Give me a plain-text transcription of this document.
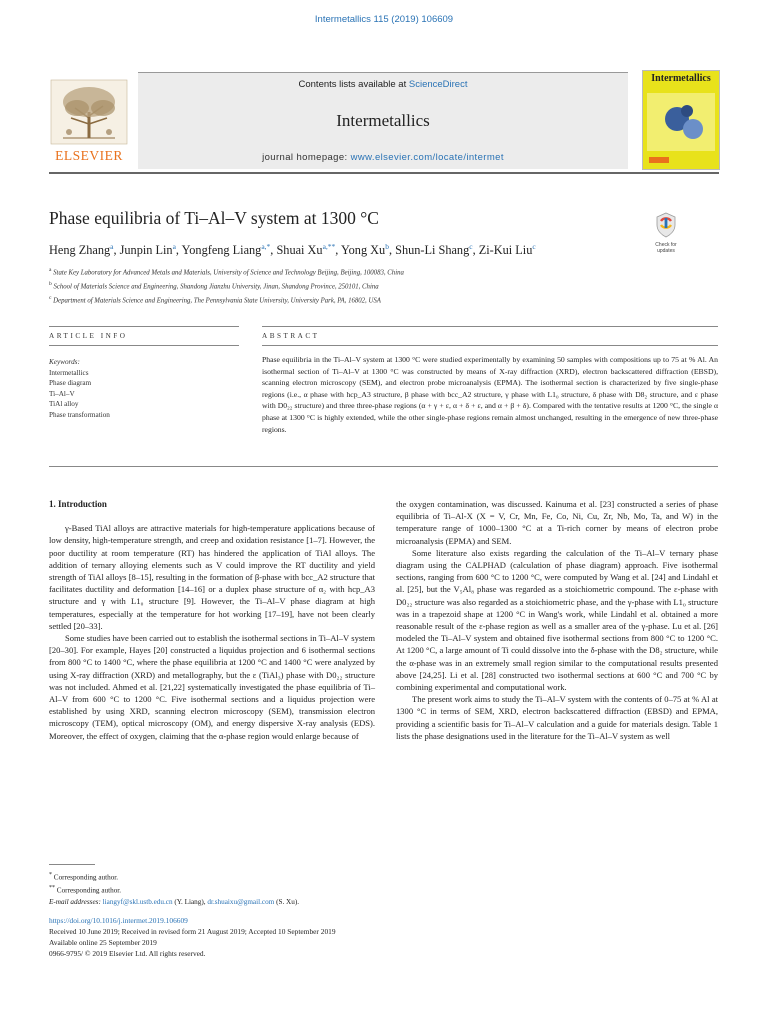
Intermetallics 115 (2019) 106609
Contents lists available at ScienceDirect
Intermetallics
journal homepage: www.elsevier.com/locate/intermet
ELSEVIER
Intermetallics
Phase equilibria of Ti–Al–V system at 1300 °C
Check for
updates
Heng Zhang$^a$, Junpin Lin$^a$, Yongfeng Liang$^{a,*}$, Shuai $Xu^{a,**}$, Yong Xu$^b$, Shun-Li Shang$^c$, Zi-Kui Liu$^c$
$^a$ State Key Laboratory for Advanced Metals and Materials, University of Science and Technology Beijing, Beijing, 100083, China
$^b$ School of Materials Science and Engineering, Shandong Jianzhu University, Jinan, Shandong Province, 250101, China
$^c$ Department of Materials Science and Engineering, The Pennsylvania State University, University Park, PA, 16802, USA
ARTICLE INFO	ABSTRACT
Keywords:
Intermetallics
Phase diagram
Ti–Al–V
TiAl alloy
Phase transformation
Phase equilibria in the Ti–Al–V system at 1300 °C were studied experimentally by examining 50 samples with compositions up to 75 at % Al. An isothermal section of Ti–Al–V at 1300 °C was constructed by means of X-ray diffraction (XRD), electron backscattered diffraction (EBSD), scanning electron microscopy (SEM), and electron probe microanalysis (EPMA). The isothermal section is characterized by five single-phase regions (i.e., α phase with hcp_A3 structure, β phase with bcc_A2 structure, γ phase with L1₀ structure, δ phase with D8₂ structure, and ε phase with D0₂₂ structure) and three three-phase regions (α + γ + ε, α + δ + ε, and α + β + δ). Compared with the tentative results at 1200 °C, the single α phase at 1300 °C is highly extended, while the other single-phase regions remain almost unchanged, resulting in the emergence of new three-phase regions.
1. Introduction

γ-Based TiAl alloys are attractive materials for high-temperature applications because of low density, high-temperature strength, and creep and oxidation resistance [1–7]. However, the poor ductility at room temperature (RT) has hindered the application of TiAl alloys. The addition of ternary alloying elements such as V could improve the RT ductility and yield strength of TiAl alloys [8–15], resulting in the formation of β-phase with bcc_A2 structure that facilitates ductility and deformation [14–16] or a duplex phase structure of α₂ with hcp_A3 structure and γ with L1₀ structure [9]. However, the Ti–Al–V phase diagram at high temperatures, especially at the temperature for hot working [17–19], have not been clearly settled [20–33].

Some studies have been carried out to establish the isothermal sections in Ti–Al–V system [20–30]. For example, Hayes [20] constructed a liquidus projection and 6 isothermal sections from 800 °C to 1400 °C, where the phase equilibria at 1200 °C and 1400 °C were analyzed by using X-ray diffraction (XRD) and metallography, but the ε (TiAl₃) phase with D0₂₂ structure was not included. Ahmed et al. [21,22] systematically investigated the phase equilibria of Ti–Al–V from 600 °C to 1200 °C. Five isothermal sections and a liquidus projection were established by using XRD, scanning electron microscopy (SEM), transmission electron microscopy (TEM), optical microscopy (OM), and energy dispersive X-ray analysis (EDS). Moreover, the effect of oxygen, claiming that the α-phase region would enlarge because of

the oxygen contamination, was discussed. Kainuma et al. [23] constructed a series of phase equilibria of Ti–Al-X (X = V, Cr, Mn, Fe, Co, Ni, Cu, Zr, Nb, Mo, Ta, and W) in the temperature range of 1000–1300 °C at a Ti-rich corner by means of electron probe microanalysis (EPMA) and SEM.

Some literature also exists regarding the calculation of the Ti–Al–V ternary phase diagram using the CALPHAD (calculation of phase diagram) approach. Five isothermal sections, ranging from 600 °C to 1200 °C, were computed by Wang et al. [24] and Lindahl et al. [25], but the V₅Al₈ phase was regarded as a stoichiometric compound. The ε-phase with D0₂₂ structure was also regarded as a stoichiometric phase, and the γ-phase with L1₀ structure was in a trapezoid shape at 1200 °C in Wang's work, while Lindahl et al. obtained a more reasonable result of the ε-phase region as well as a smaller area of the γ-phase. Lu et al. [26] modeled the Ti–Al–V system and obtained five isothermal sections from 800 °C to 1200 °C. At 1200 °C, a large amount of Ti could dissolve into the δ-phase with the D8₂ structure, while the α-phase was in an extremely small region similar to the computational results presented above [24,25]. Li et al. [28] constructed two isothermal sections at 600 °C and 700 °C by combining experimental and computational work.

The present work aims to study the Ti–Al–V system with the contents of 0–75 at % Al at 1300 °C in terms of SEM, XRD, electron backscattered diffraction (EBSD) and EPMA, providing a scientific basis for Ti–Al–V calculation and a guide for materials design. Table 1 lists the phase designations used in the literature for the Ti–Al–V system as well

* Corresponding author.
** Corresponding author.
E-mail addresses: liangyf@skl.ustb.edu.cn (Y. Liang), dr.shuaixu@gmail.com (S. Xu).
https://doi.org/10.1016/j.intermet.2019.106609
Received 10 June 2019; Received in revised form 21 August 2019; Accepted 10 September 2019
Available online 25 September 2019
0966-9795/ © 2019 Elsevier Ltd. All rights reserved.
